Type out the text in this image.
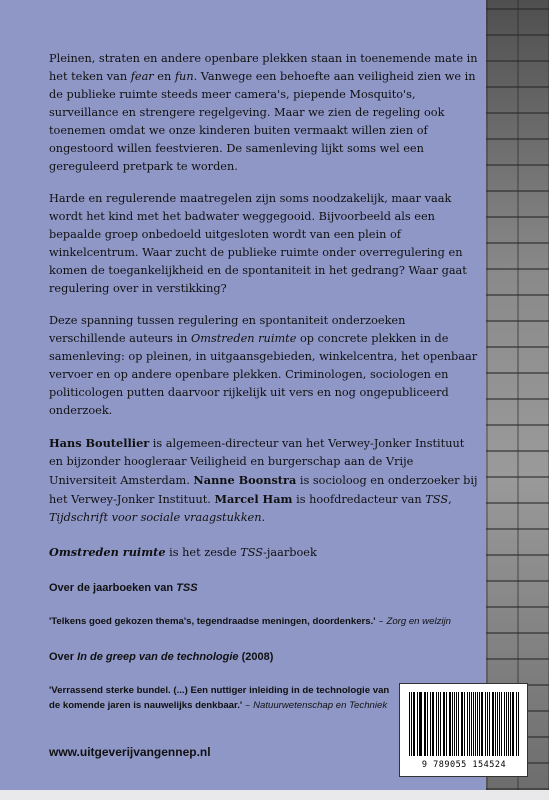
Pleinen, straten en andere openbare plekken staan in toenemende mate in het teken van fear en fun. Vanwege een behoefte aan veiligheid zien we in de publieke ruimte steeds meer camera's, piepende Mosquito's, surveillance en strengere regelgeving. Maar we zien de regeling ook toenemen omdat we onze kinderen buiten vermaakt willen zien of ongestoord willen feestvieren. De samenleving lijkt soms wel een gereguleerd pretpark te worden.

Harde en regulerende maatregelen zijn soms noodzakelijk, maar vaak wordt het kind met het badwater weggegooid. Bijvoorbeeld als een bepaalde groep onbedoeld uitgesloten wordt van een plein of winkelcentrum. Waar zucht de publieke ruimte onder overregulering en komen de toegankelijkheid en de spontaniteit in het gedrang? Waar gaat regulering over in verstikking?

Deze spanning tussen regulering en spontaniteit onderzoeken verschillende auteurs in Omstreden ruimte op concrete plekken in de samenleving: op pleinen, in uitgaansgebieden, winkelcentra, het openbaar vervoer en op andere openbare plekken. Criminologen, sociologen en politicologen putten daarvoor rijkelijk uit vers en nog ongepubliceerd onderzoek.

Hans Boutellier is algemeen-directeur van het Verwey-Jonker Instituut en bijzonder hoogleraar Veiligheid en burgerschap aan de Vrije Universiteit Amsterdam. Nanne Boonstra is socioloog en onderzoeker bij het Verwey-Jonker Instituut. Marcel Ham is hoofdredacteur van TSS, Tijdschrift voor sociale vraagstukken.

Omstreden ruimte is het zesde TSS-jaarboek

Over de jaarboeken van TSS

'Telkens goed gekozen thema's, tegendraadse meningen, doordenkers.' – Zorg en welzijn

Over In de greep van de technologie (2008)

'Verrassend sterke bundel. (...) Een nuttiger inleiding in de technologie van de komende jaren is nauwelijks denkbaar.' – Natuurwetenschap en Techniek

www.uitgeverijvangennep.nl
9 789055 154524
